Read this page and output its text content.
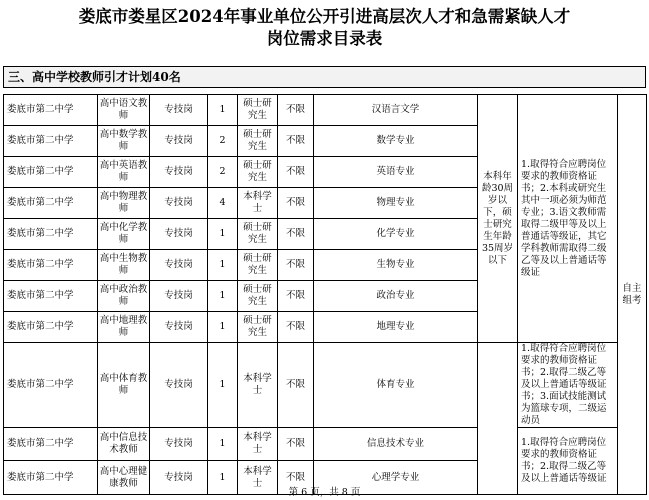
娄底市娄星区2024年事业单位公开引进高层次人才和急需紧缺人才
岗位需求目录表
三、高中学校教师引才计划40名
娄底市第二中学	高中语文教师	专技岗	1	硕士研究生	不限	汉语言文学	本科年龄30周岁以下，硕士研究生年龄35周岁以下	1.取得符合应聘岗位要求的教师资格证书；2.本科或研究生其中一项必须为师范专业；3.语文教师需取得二级甲等及以上普通话等级证，其它学科教师需取得二级乙等及以上普通话等级证	自主组考
娄底市第二中学	高中数学教师	专技岗	2	硕士研究生	不限	数学专业			
娄底市第二中学	高中英语教师	专技岗	2	硕士研究生	不限	英语专业			
娄底市第二中学	高中物理教师	专技岗	4	本科学士	不限	物理专业			
娄底市第二中学	高中化学教师	专技岗	1	硕士研究生	不限	化学专业			
娄底市第二中学	高中生物教师	专技岗	1	硕士研究生	不限	生物专业			
娄底市第二中学	高中政治教师	专技岗	1	硕士研究生	不限	政治专业			
娄底市第二中学	高中地理教师	专技岗	1	硕士研究生	不限	地理专业			
娄底市第二中学	高中体育教师	专技岗	1	本科学士	不限	体育专业		1.取得符合应聘岗位要求的教师资格证书；2.取得二级乙等及以上普通话等级证书；3.面试技能测试为篮球专项，二级运动员	
娄底市第二中学	高中信息技术教师	专技岗	1	本科学士	不限	信息技术专业		1.取得符合应聘岗位要求的教师资格证书；2.取得二级乙等及以上普通话等级证	
娄底市第二中学	高中心理健康教师	专技岗	1	本科学士	不限	心理学专业			
第 6 页，共 8 页
